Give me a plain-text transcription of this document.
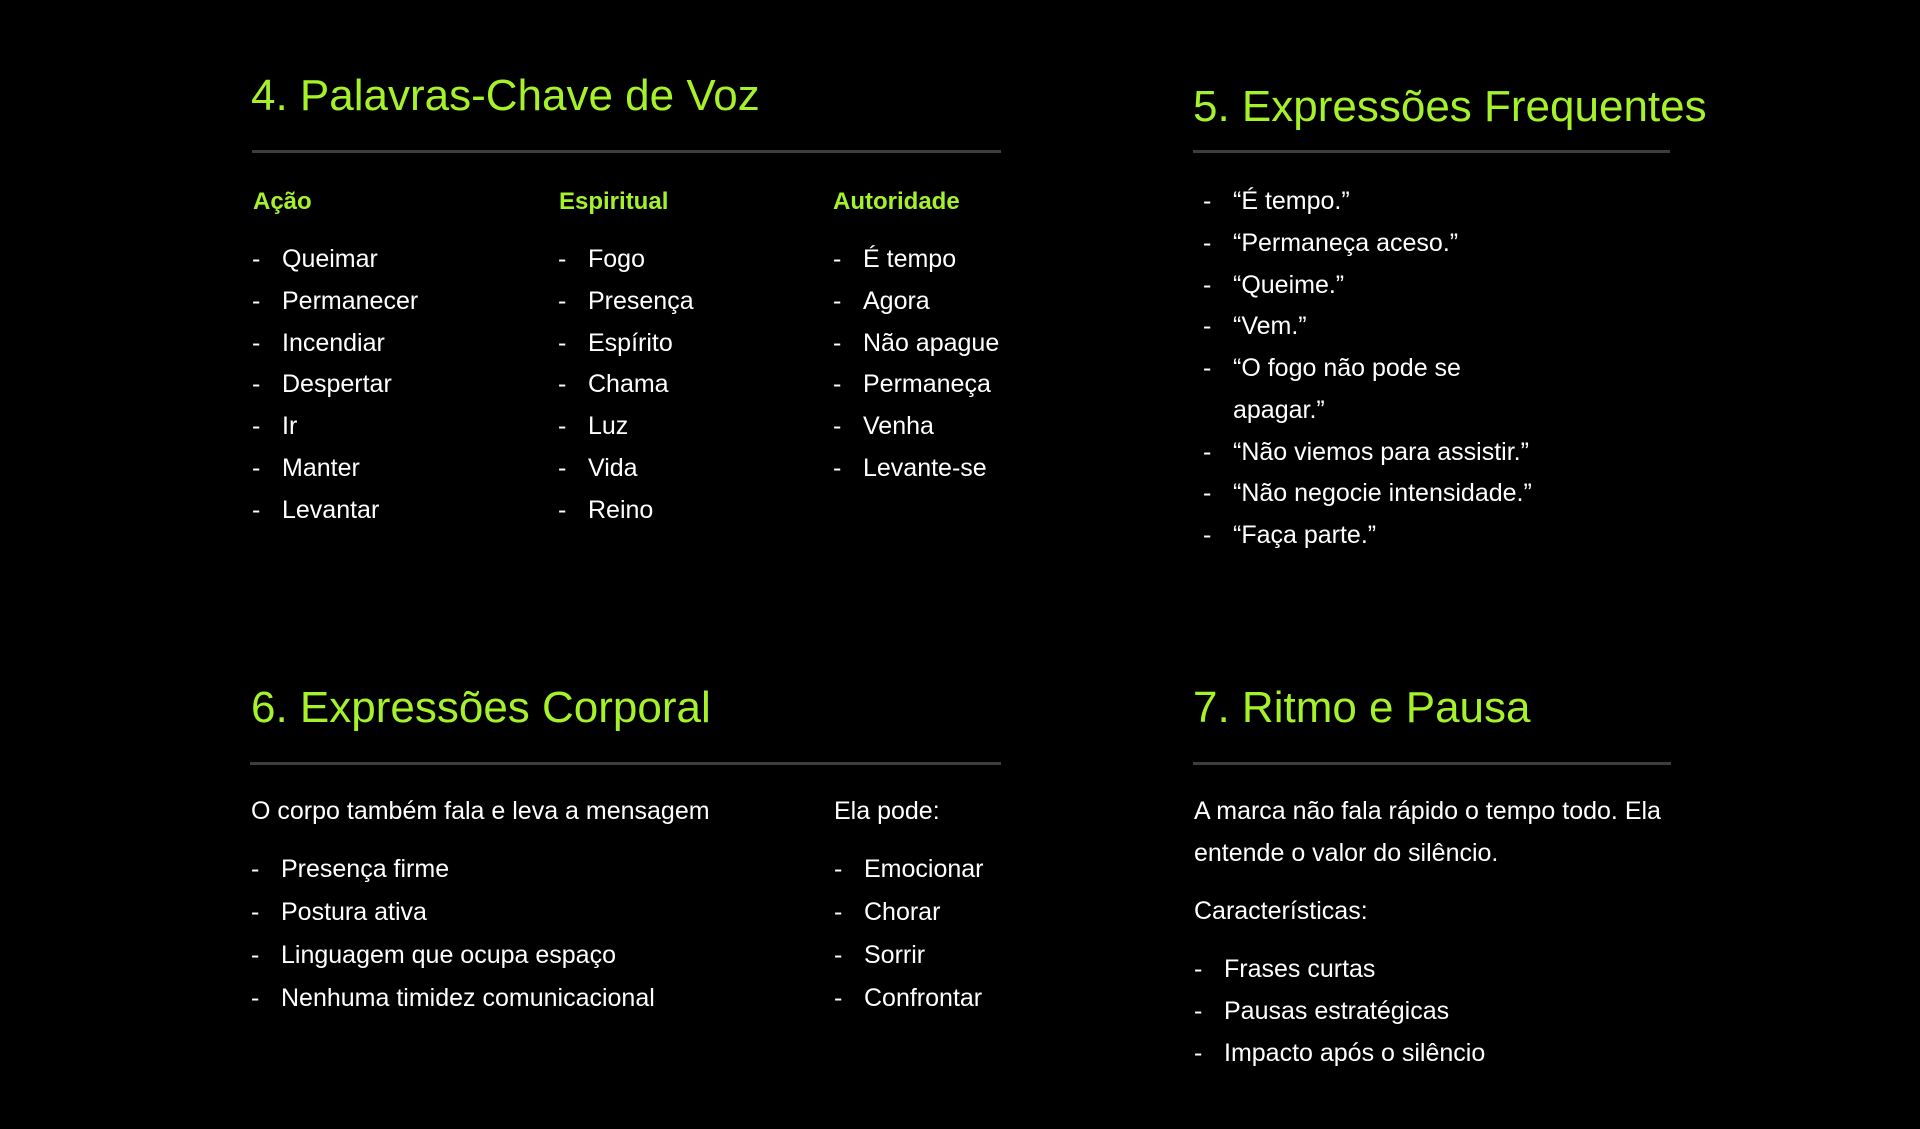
4. Palavras-Chave de Voz
Ação
- Queimar
- Permanecer
- Incendiar
- Despertar
- Ir
- Manter
- Levantar
Espiritual
- Fogo
- Presença
- Espírito
- Chama
- Luz
- Vida
- Reino
Autoridade
- É tempo
- Agora
- Não apague
- Permaneça
- Venha
- Levante-se
5. Expressões Frequentes
- “É tempo.”
- “Permaneça aceso.”
- “Queime.”
- “Vem.”
- “O fogo não pode se
apagar.”
- “Não viemos para assistir.”
- “Não negocie intensidade.”
- “Faça parte.”
6. Expressões Corporal

O corpo também fala e leva a mensagem

- Presença firme
- Postura ativa
- Linguagem que ocupa espaço
- Nenhuma timidez comunicacional

Ela pode:

- Emocionar
- Chorar
- Sorrir
- Confrontar
7. Ritmo e Pausa

A marca não fala rápido o tempo todo. Ela

entende o valor do silêncio.

Características:

- Frases curtas
- Pausas estratégicas
- Impacto após o silêncio
